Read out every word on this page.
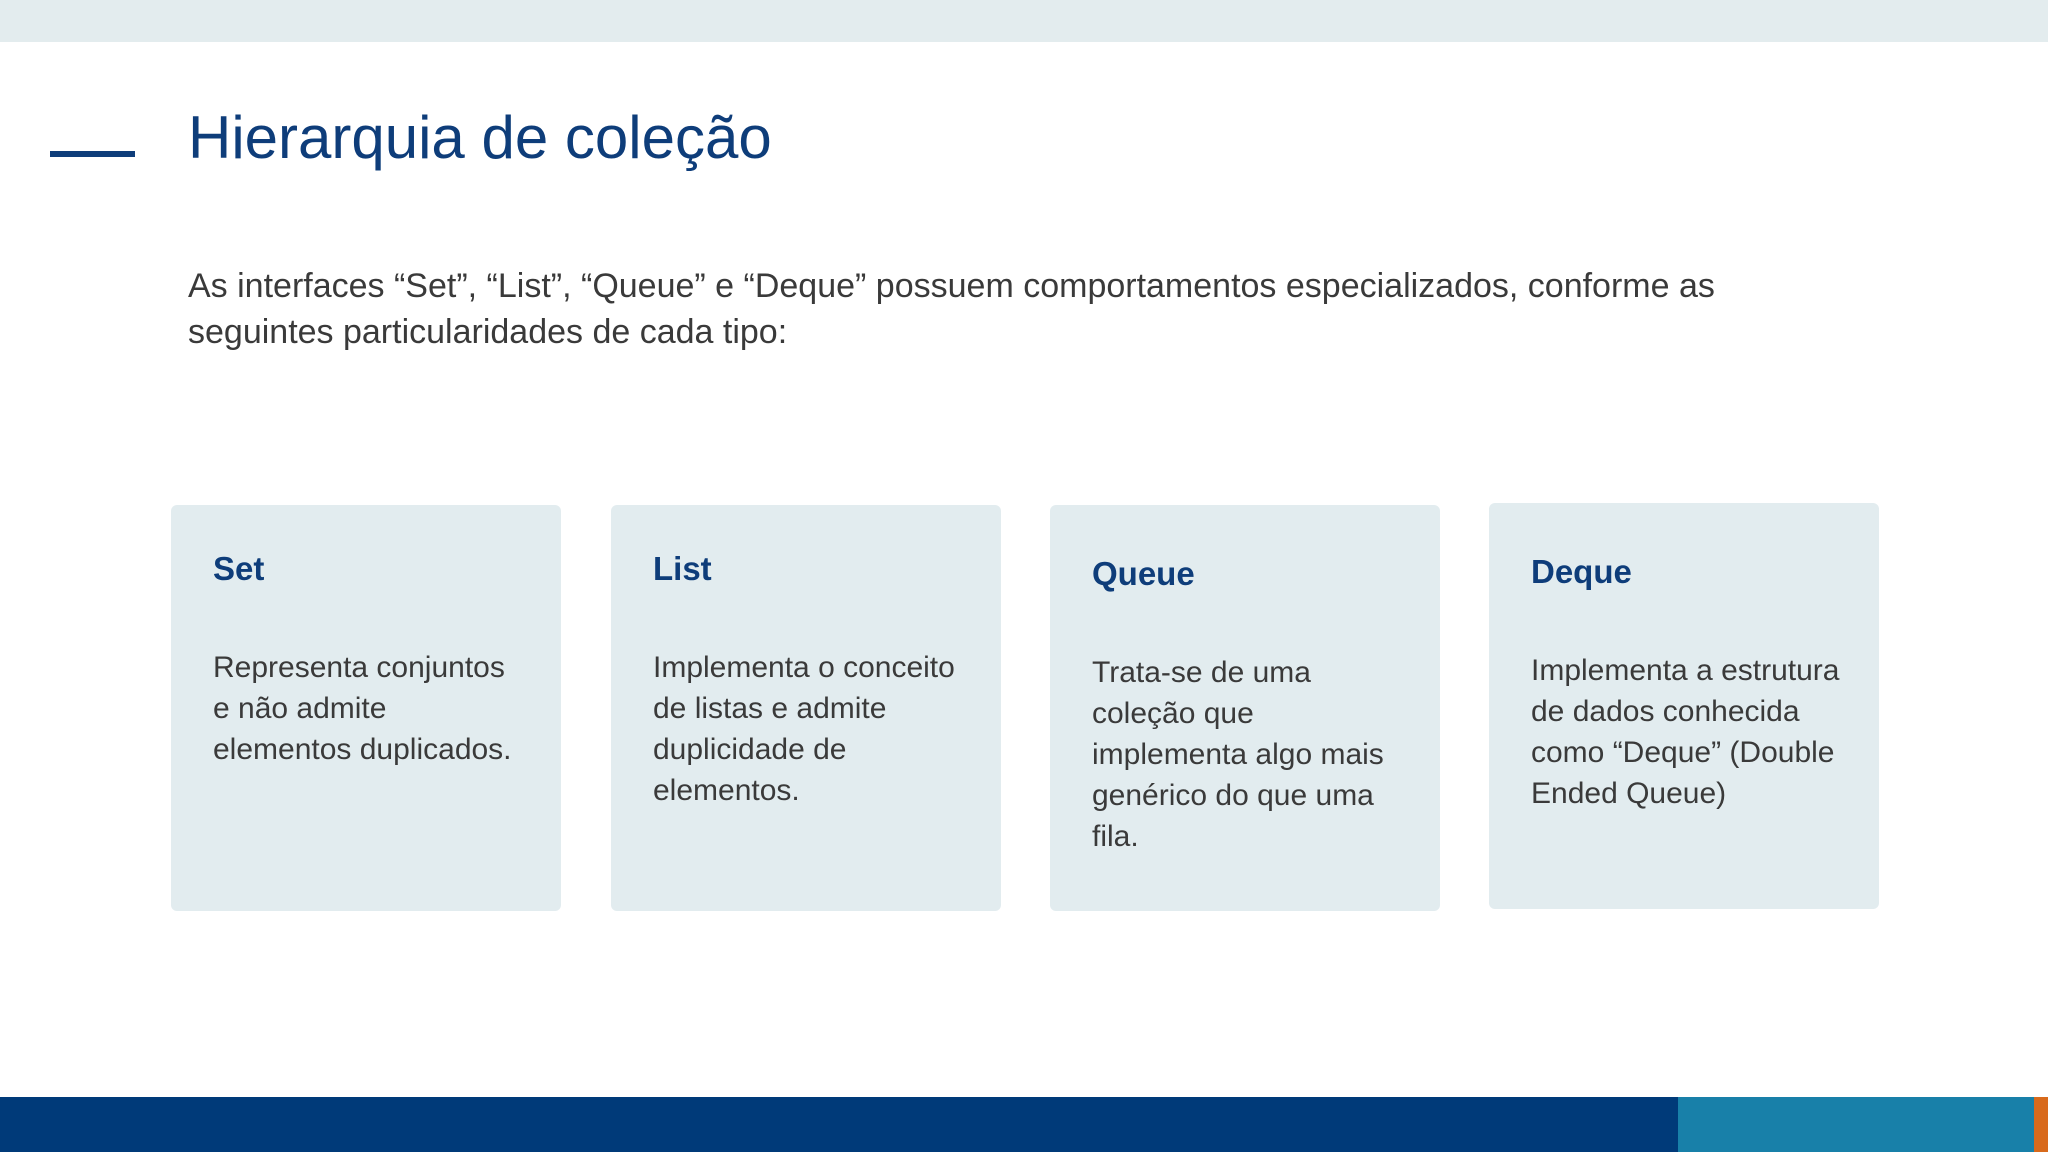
Hierarquia de coleção

As interfaces “Set”, “List”, “Queue” e “Deque” possuem comportamentos especializados, conforme as seguintes particularidades de cada tipo:

Set

Representa conjuntos e não admite elementos duplicados.

List

Implementa o conceito de listas e admite duplicidade de elementos.

Queue

Trata-se de uma coleção que implementa algo mais genérico do que uma fila.

Deque

Implementa a estrutura de dados conhecida como “Deque” (Double Ended Queue)
